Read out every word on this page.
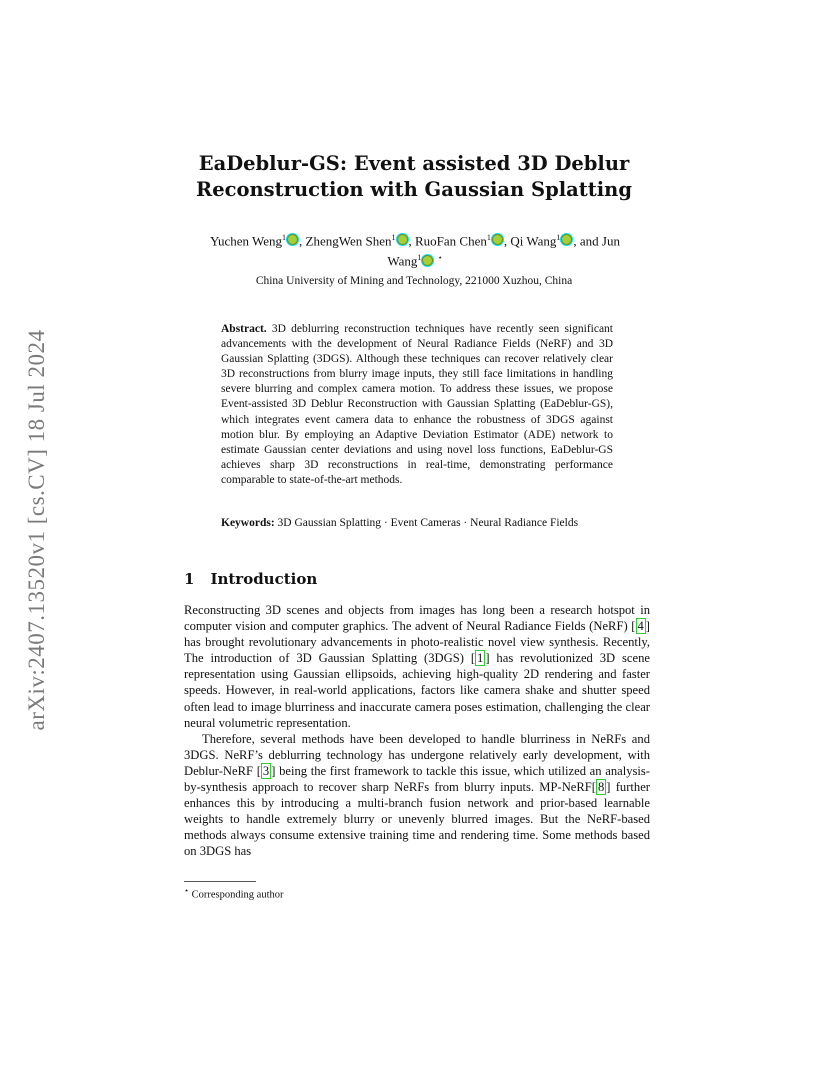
arXiv:2407.13520v1 [cs.CV] 18 Jul 2024
EaDeblur-GS: Event assisted 3D Deblur
Reconstruction with Gaussian Splatting
Yuchen Weng$^1$ , ZhengWen Shen$^1$ , RuoFan Chen$^1$ , Qi Wang$^1$ , and Jun
Wang$^1$ ⋆
China University of Mining and Technology, 221000 Xuzhou, China
Abstract. 3D deblurring reconstruction techniques have recently seen significant advancements with the development of Neural Radiance Fields (NeRF) and 3D Gaussian Splatting (3DGS). Although these techniques can recover relatively clear 3D reconstructions from blurry image inputs, they still face limitations in handling severe blurring and complex camera motion. To address these issues, we propose Event-assisted 3D Deblur Reconstruction with Gaussian Splatting (EaDeblur-GS), which integrates event camera data to enhance the robustness of 3DGS against motion blur. By employing an Adaptive Deviation Estimator (ADE) network to estimate Gaussian center deviations and using novel loss functions, EaDeblur-GS achieves sharp 3D reconstructions in real-time, demonstrating performance comparable to state-of-the-art methods.
Keywords: 3D Gaussian Splatting · Event Cameras · Neural Radiance Fields
1 Introduction

Reconstructing 3D scenes and objects from images has long been a research hotspot in computer vision and computer graphics. The advent of Neural Radiance Fields (NeRF) [ 4 ] has brought revolutionary advancements in photo-realistic novel view synthesis. Recently, The introduction of 3D Gaussian Splatting (3DGS) [ 1 ] has revolutionized 3D scene representation using Gaussian ellipsoids, achieving high-quality 2D rendering and faster speeds. However, in real-world applications, factors like camera shake and shutter speed often lead to image blurriness and inaccurate camera poses estimation, challenging the clear neural volumetric representation.

Therefore, several methods have been developed to handle blurriness in NeRFs and 3DGS. NeRF’s deblurring technology has undergone relatively early development, with Deblur-NeRF [ 3 ] being the first framework to tackle this issue, which utilized an analysis-by-synthesis approach to recover sharp NeRFs from blurry inputs. MP-NeRF[ 8 ] further enhances this by introducing a multi-branch fusion network and prior-based learnable weights to handle extremely blurry or unevenly blurred images. But the NeRF-based methods always consume extensive training time and rendering time. Some methods based on 3DGS has

⋆ Corresponding author
